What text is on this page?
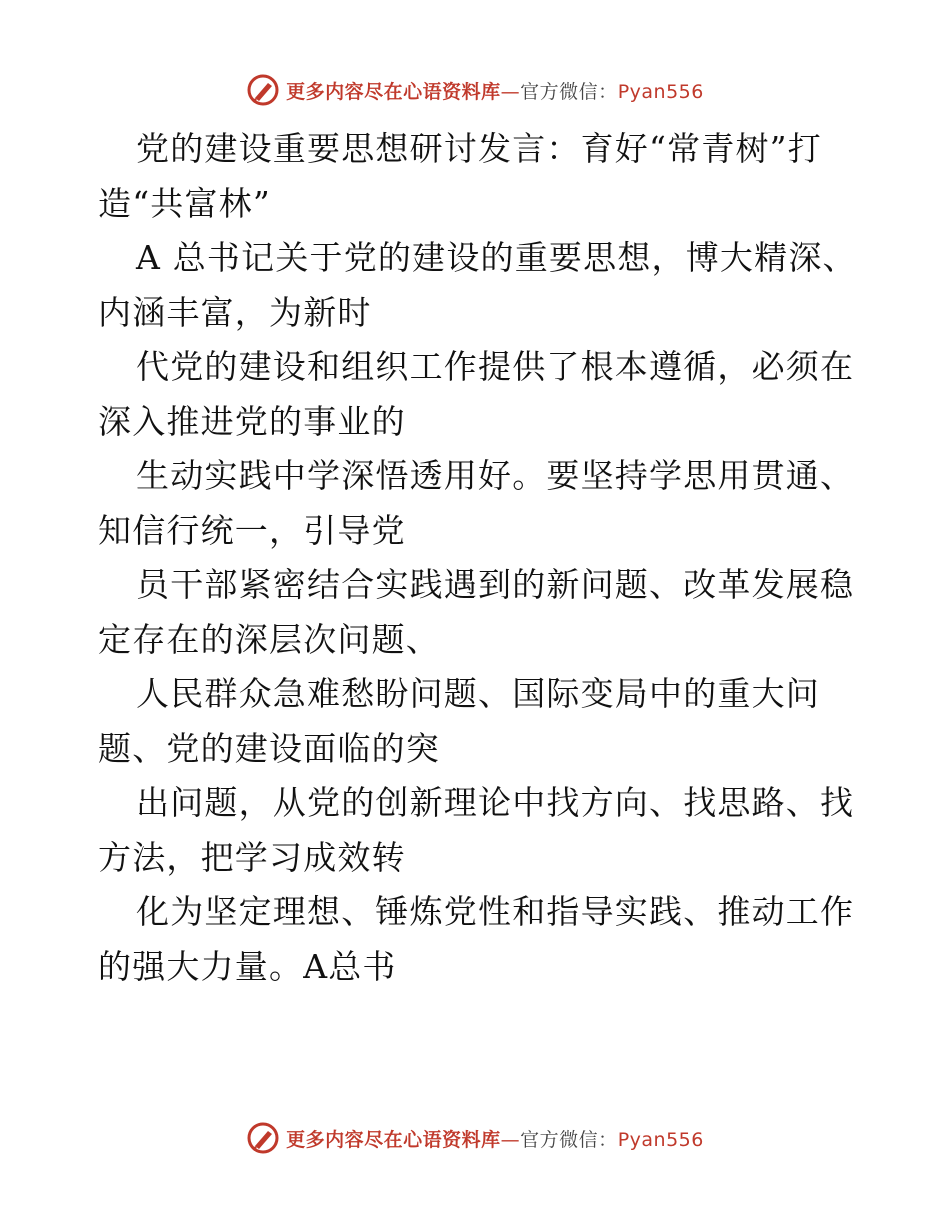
更多内容尽在心语资料库—官方微信：Pyan556
党的建设重要思想研讨发言：育好“常青树”打
造“共富林”
A 总书记关于党的建设的重要思想，博大精深、
内涵丰富，为新时
代党的建设和组织工作提供了根本遵循，必须在
深入推进党的事业的
生动实践中学深悟透用好。要坚持学思用贯通、
知信行统一，引导党
员干部紧密结合实践遇到的新问题、改革发展稳
定存在的深层次问题、
人民群众急难愁盼问题、国际变局中的重大问
题、党的建设面临的突
出问题，从党的创新理论中找方向、找思路、找
方法，把学习成效转
化为坚定理想、锤炼党性和指导实践、推动工作
的强大力量。A总书
更多内容尽在心语资料库—官方微信：Pyan556
